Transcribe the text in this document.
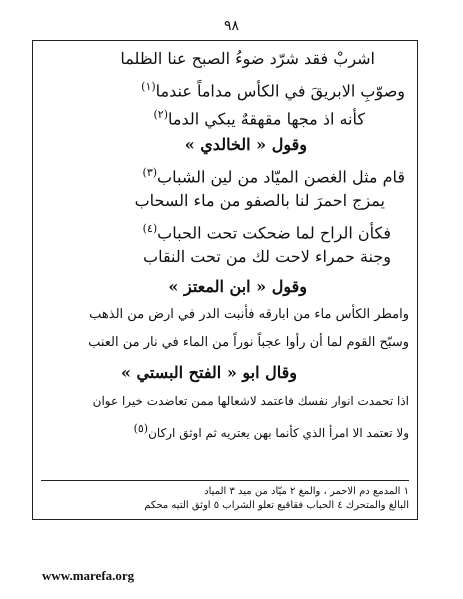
٩٨
اشربْ فقد شرّد ضوءُ الصبح عنا الظلما
وصوّبِ الابريقَ في الكأس مداماً عندما$^{(١)}$
كأنه اذ مجها مقهقهٌ يبكي الدما$^{(٢)}$
وقول « الخالدي »
قام مثل الغصن الميّاد من لين الشباب$^{(٣)}$
يمزج احمرَ لنا بالصفو من ماء السحاب
فكأن الراح لما ضحكت تحت الحباب$^{(٤)}$
وجنة حمراء لاحت لك من تحت النقاب
وقول « ابن المعتز »
وامطر الكأس ماء من ابارقه فأنبت الدر في ارض من الذهب
وسبّح القوم لما أن رأوا عجباً نوراً من الماء في نار من العنب
وقال ابو « الفتح البستي »
اذا تحمدت انوار نفسك فاعتمد لاشعالها ممن تعاضدت خيرا عوان
ولا تعتمد الا امرأ الذي كأنما بهن يعتريه ثم اوثق اركان(٥)
١ المدمع دم الاحمر ، والمغ ٢ ميّاد من ميد ٣ المياد
البالغ والمتحرك ٤ الحباب فقاقيع تعلو الشراب ٥ اوثق التيه محكم
www.marefa.org
